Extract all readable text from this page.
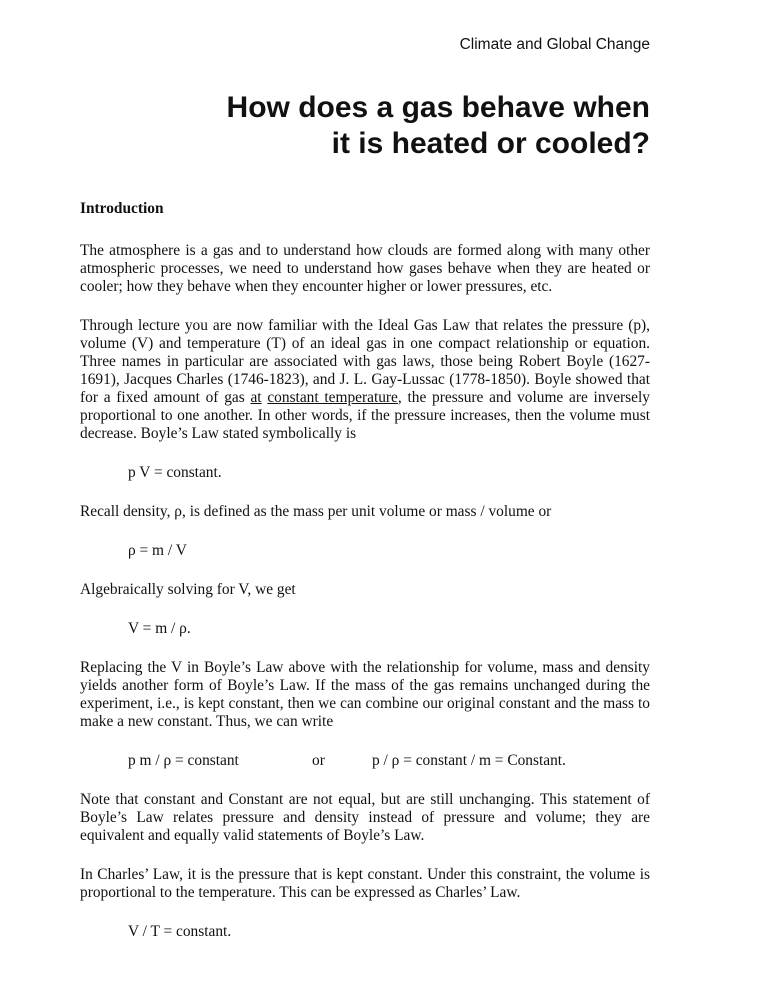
Climate and Global Change
How does a gas behave when
it is heated or cooled?
Introduction

The atmosphere is a gas and to understand how clouds are formed along with many other atmospheric processes, we need to understand how gases behave when they are heated or cooler; how they behave when they encounter higher or lower pressures, etc.

Through lecture you are now familiar with the Ideal Gas Law that relates the pressure (p), volume (V) and temperature (T) of an ideal gas in one compact relationship or equation. Three names in particular are associated with gas laws, those being Robert Boyle (1627-1691), Jacques Charles (1746-1823), and J. L. Gay-Lussac (1778-1850). Boyle showed that for a fixed amount of gas at constant temperature, the pressure and volume are inversely proportional to one another. In other words, if the pressure increases, then the volume must decrease. Boyle’s Law stated symbolically is

p V = constant.

Recall density, ρ, is defined as the mass per unit volume or mass / volume or

ρ = m / V

Algebraically solving for V, we get

V = m / ρ.

Replacing the V in Boyle’s Law above with the relationship for volume, mass and density yields another form of Boyle’s Law. If the mass of the gas remains unchanged during the experiment, i.e., is kept constant, then we can combine our original constant and the mass to make a new constant. Thus, we can write

p m / ρ = constant	or	p / ρ = constant / m = Constant.

Note that constant and Constant are not equal, but are still unchanging. This statement of Boyle’s Law relates pressure and density instead of pressure and volume; they are equivalent and equally valid statements of Boyle’s Law.

In Charles’ Law, it is the pressure that is kept constant. Under this constraint, the volume is proportional to the temperature. This can be expressed as Charles’ Law.

V / T = constant.
